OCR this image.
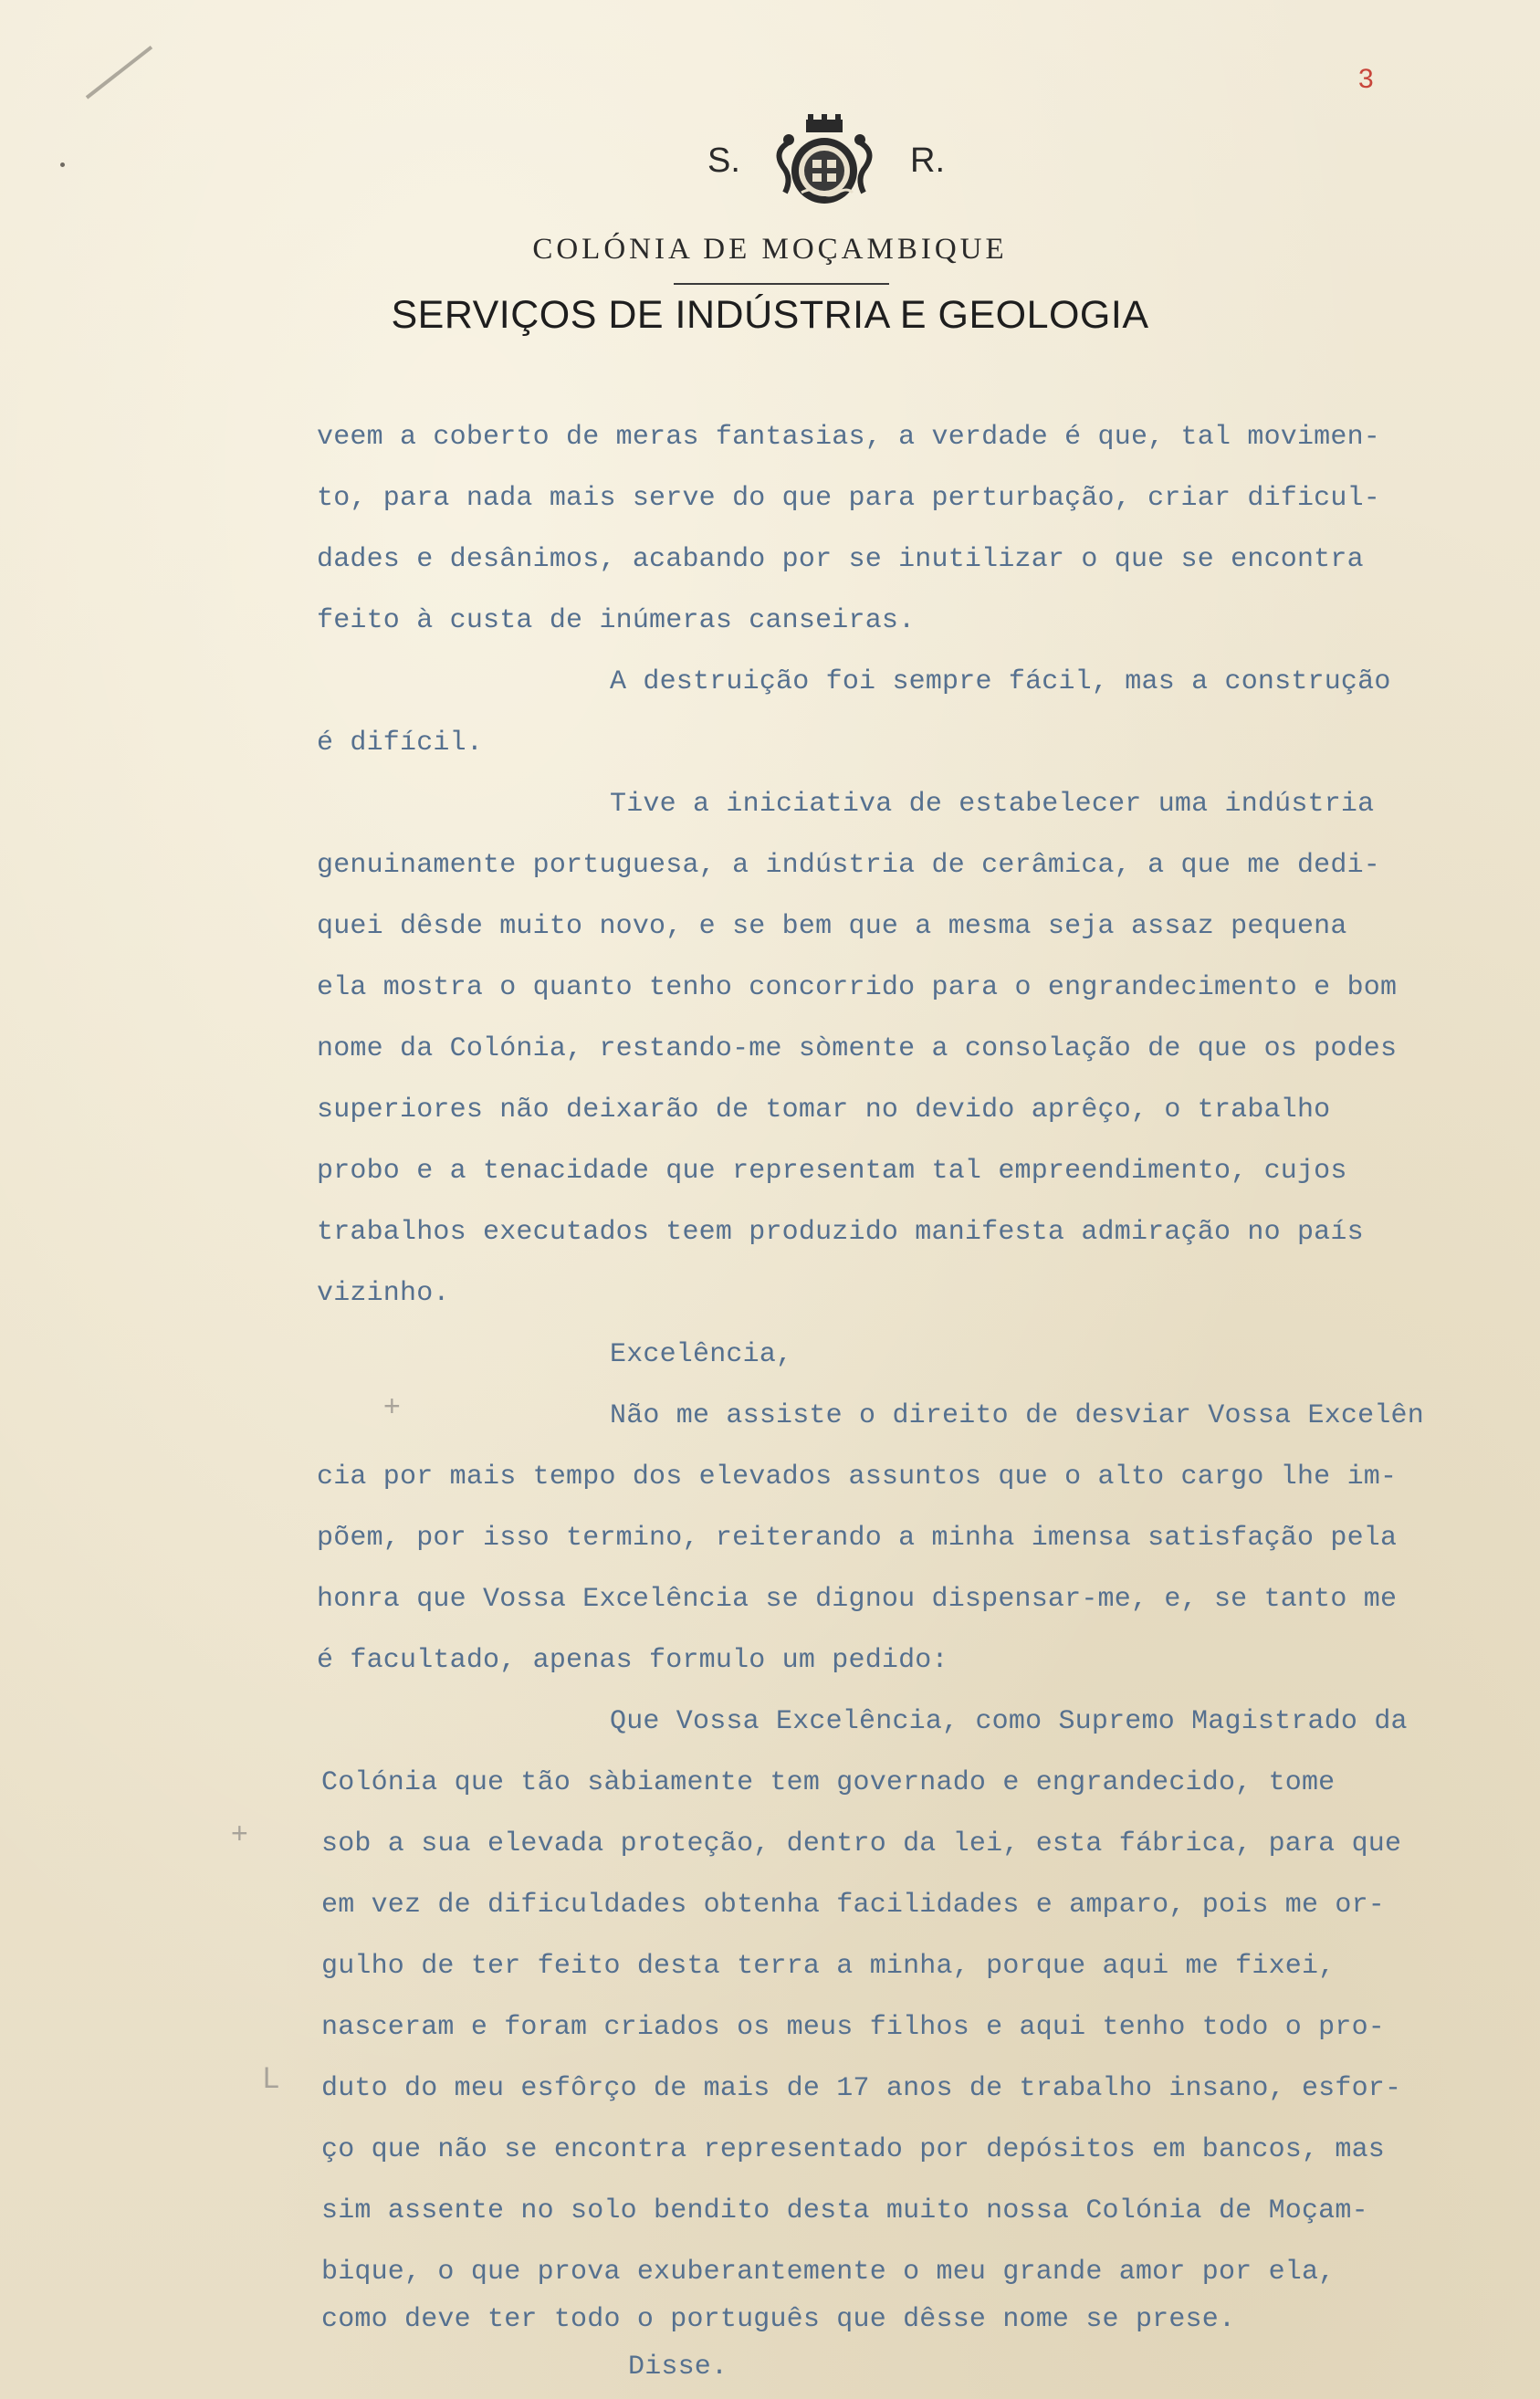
3
S.	R.
COLÓNIA DE MOÇAMBIQUE
SERVIÇOS DE INDÚSTRIA E GEOLOGIA
veem a coberto de meras fantasias, a verdade é que, tal movimen-
to, para nada mais serve do que para perturbação, criar dificul-
dades e desânimos, acabando por se inutilizar o que se encontra
feito à custa de inúmeras canseiras.
A destruição foi sempre fácil, mas a construção
é difícil.
Tive a iniciativa de estabelecer uma indústria
genuinamente portuguesa, a indústria de cerâmica, a que me dedi-
quei dêsde muito novo, e se bem que a mesma seja assaz pequena
ela mostra o quanto tenho concorrido para o engrandecimento e bom
nome da Colónia, restando-me sòmente a consolação de que os podes
superiores não deixarão de tomar no devido aprêço, o trabalho
probo e a tenacidade que representam tal empreendimento, cujos
trabalhos executados teem produzido manifesta admiração no país
vizinho.
Excelência,
Não me assiste o direito de desviar Vossa Excelên
cia por mais tempo dos elevados assuntos que o alto cargo lhe im-
põem, por isso termino, reiterando a minha imensa satisfação pela
honra que Vossa Excelência se dignou dispensar-me, e, se tanto me
é facultado, apenas formulo um pedido:
Que Vossa Excelência, como Supremo Magistrado da
Colónia que tão sàbiamente tem governado e engrandecido, tome
sob a sua elevada proteção, dentro da lei, esta fábrica, para que
em vez de dificuldades obtenha facilidades e amparo, pois me or-
gulho de ter feito desta terra a minha, porque aqui me fixei,
nasceram e foram criados os meus filhos e aqui tenho todo o pro-
duto do meu esfôrço de mais de 17 anos de trabalho insano, esfor-
ço que não se encontra representado por depósitos em bancos, mas
sim assente no solo bendito desta muito nossa Colónia de Moçam-
bique, o que prova exuberantemente o meu grande amor por ela,
como deve ter todo o português que dêsse nome se prese.
Disse.
+
+
L
